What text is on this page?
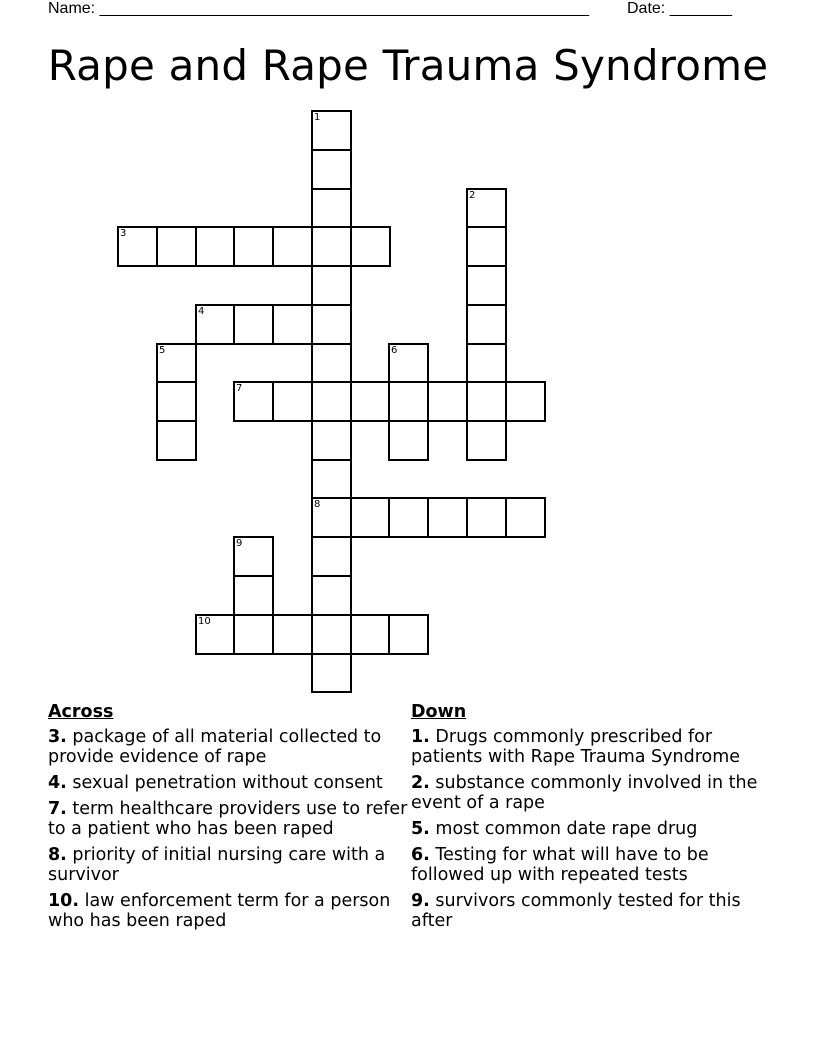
Name: _______________________________________________________ Date: _______
Rape and Rape Trauma Syndrome
1
3
4
2
5	6
7
8
9
10
Across
3. package of all material collected to provide evidence of rape
4. sexual penetration without consent
7. term healthcare providers use to refer to a patient who has been raped
8. priority of initial nursing care with a survivor
10. law enforcement term for a person who has been raped
Down
1. Drugs commonly prescribed for patients with Rape Trauma Syndrome
2. substance commonly involved in the event of a rape
5. most common date rape drug
6. Testing for what will have to be followed up with repeated tests
9. survivors commonly tested for this after
